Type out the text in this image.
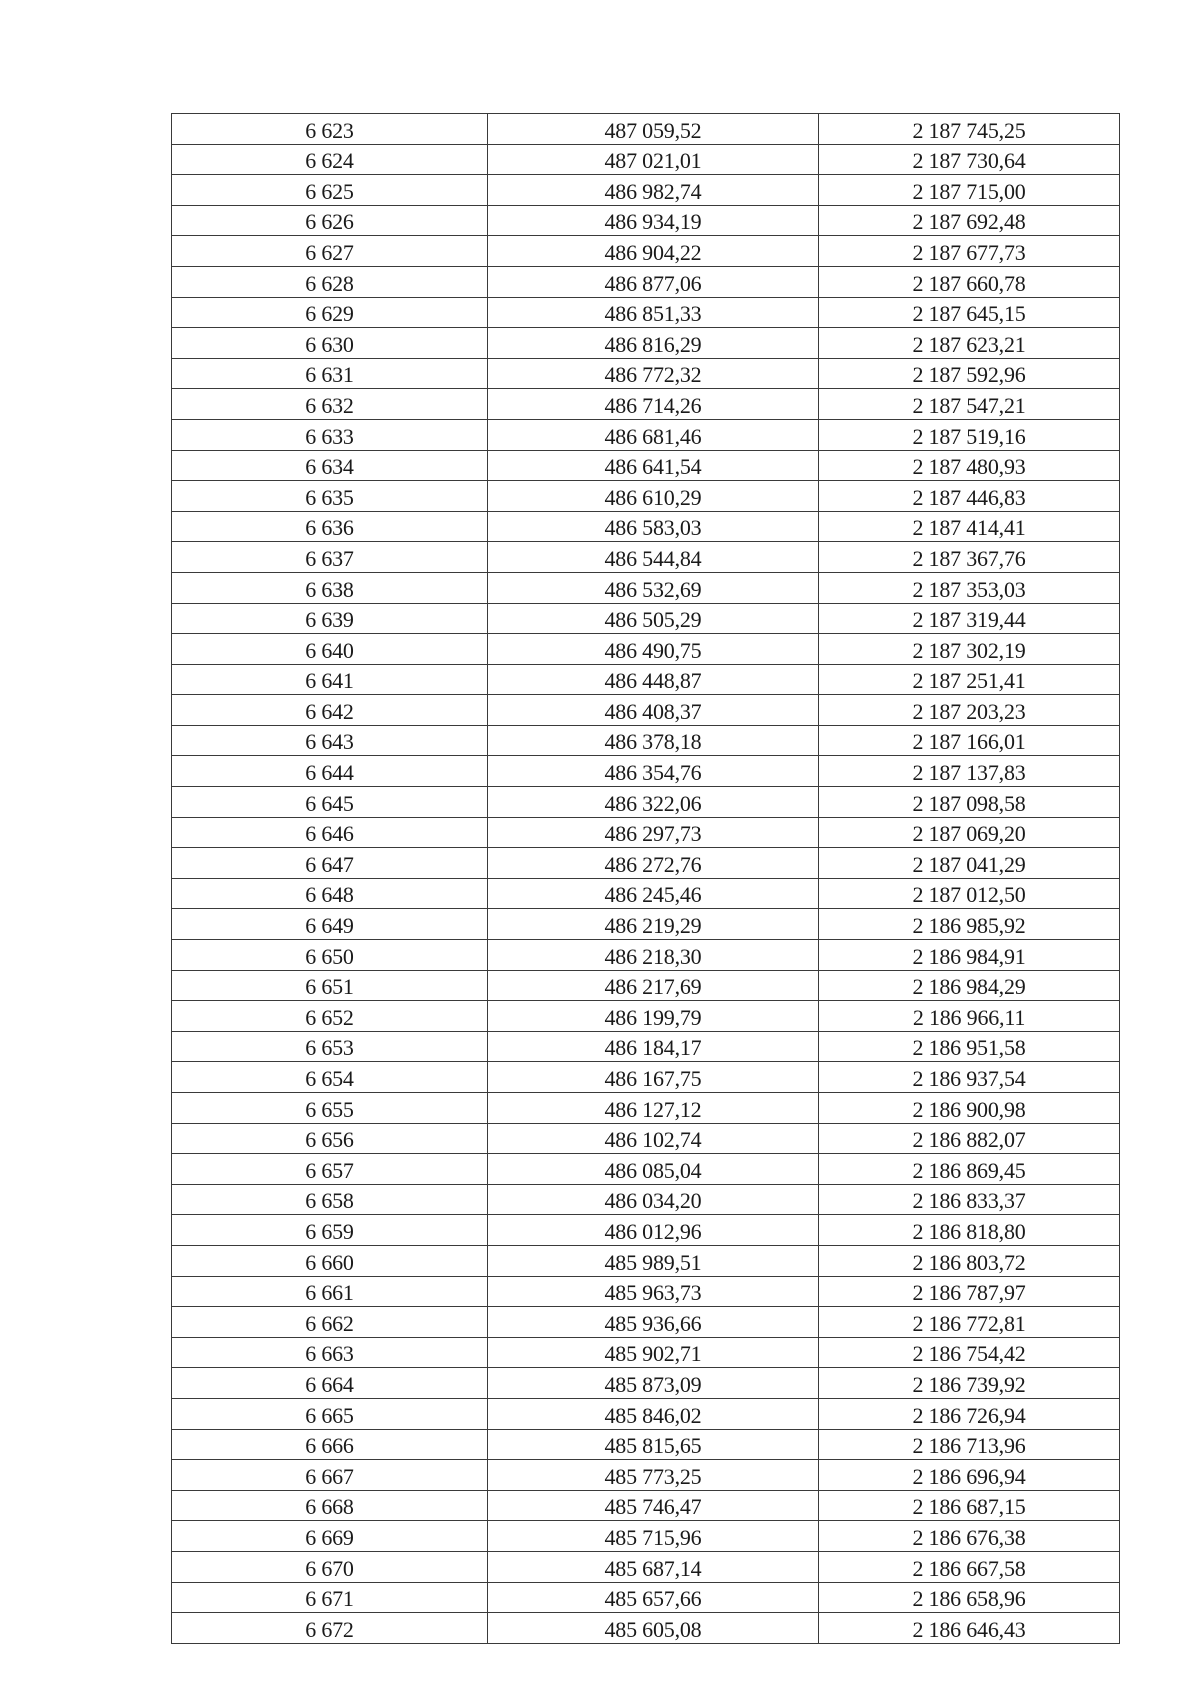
6 623	487 059,52	2 187 745,25
6 624	487 021,01	2 187 730,64
6 625	486 982,74	2 187 715,00
6 626	486 934,19	2 187 692,48
6 627	486 904,22	2 187 677,73
6 628	486 877,06	2 187 660,78
6 629	486 851,33	2 187 645,15
6 630	486 816,29	2 187 623,21
6 631	486 772,32	2 187 592,96
6 632	486 714,26	2 187 547,21
6 633	486 681,46	2 187 519,16
6 634	486 641,54	2 187 480,93
6 635	486 610,29	2 187 446,83
6 636	486 583,03	2 187 414,41
6 637	486 544,84	2 187 367,76
6 638	486 532,69	2 187 353,03
6 639	486 505,29	2 187 319,44
6 640	486 490,75	2 187 302,19
6 641	486 448,87	2 187 251,41
6 642	486 408,37	2 187 203,23
6 643	486 378,18	2 187 166,01
6 644	486 354,76	2 187 137,83
6 645	486 322,06	2 187 098,58
6 646	486 297,73	2 187 069,20
6 647	486 272,76	2 187 041,29
6 648	486 245,46	2 187 012,50
6 649	486 219,29	2 186 985,92
6 650	486 218,30	2 186 984,91
6 651	486 217,69	2 186 984,29
6 652	486 199,79	2 186 966,11
6 653	486 184,17	2 186 951,58
6 654	486 167,75	2 186 937,54
6 655	486 127,12	2 186 900,98
6 656	486 102,74	2 186 882,07
6 657	486 085,04	2 186 869,45
6 658	486 034,20	2 186 833,37
6 659	486 012,96	2 186 818,80
6 660	485 989,51	2 186 803,72
6 661	485 963,73	2 186 787,97
6 662	485 936,66	2 186 772,81
6 663	485 902,71	2 186 754,42
6 664	485 873,09	2 186 739,92
6 665	485 846,02	2 186 726,94
6 666	485 815,65	2 186 713,96
6 667	485 773,25	2 186 696,94
6 668	485 746,47	2 186 687,15
6 669	485 715,96	2 186 676,38
6 670	485 687,14	2 186 667,58
6 671	485 657,66	2 186 658,96
6 672	485 605,08	2 186 646,43
